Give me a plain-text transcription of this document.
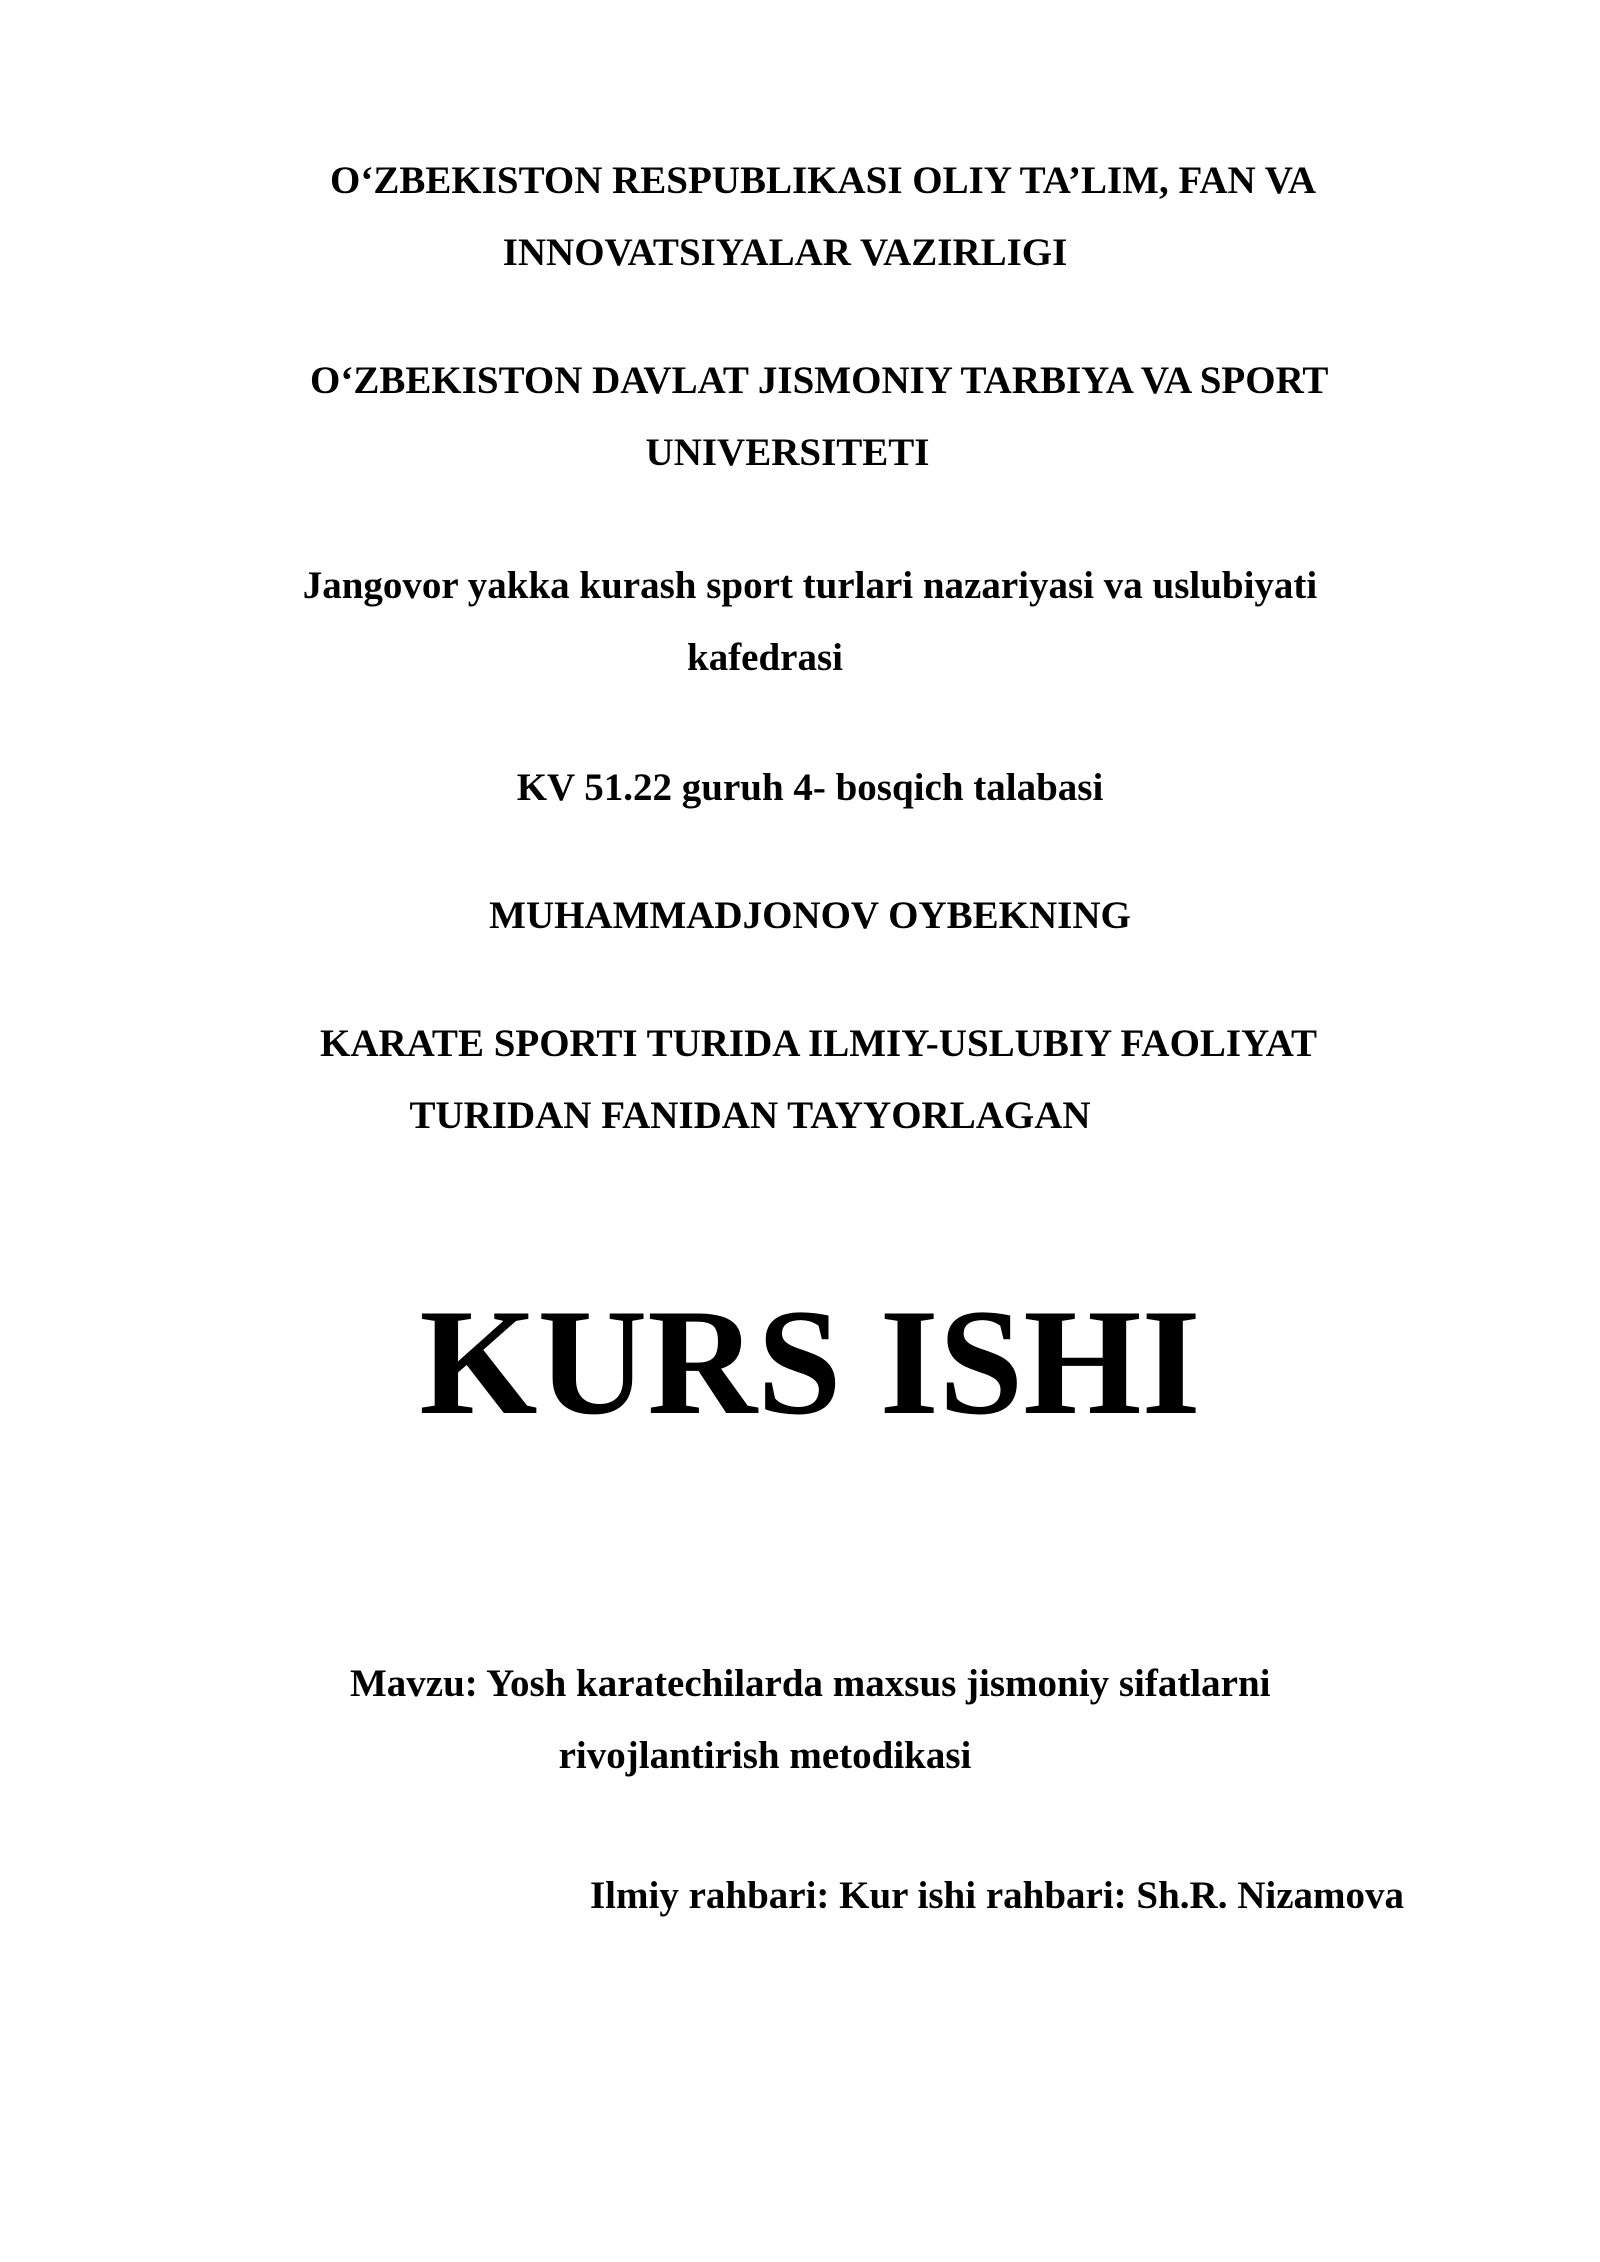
O‘ZBEKISTON RESPUBLIKASI OLIY TA’LIM, FAN VA
INNOVATSIYALAR VAZIRLIGI
O‘ZBEKISTON DAVLAT JISMONIY TARBIYA VA SPORT
UNIVERSITETI
Jangovor yakka kurash sport turlari nazariyasi va uslubiyati
kafedrasi
KV 51.22 guruh 4- bosqich talabasi
MUHAMMADJONOV OYBEKNING
KARATE SPORTI TURIDA ILMIY-USLUBIY FAOLIYAT
TURIDAN FANIDAN TAYYORLAGAN
KURS ISHI
Mavzu: Yosh karatechilarda maxsus jismoniy sifatlarni
rivojlantirish metodikasi
Ilmiy rahbari: Kur ishi rahbari: Sh.R. Nizamova
